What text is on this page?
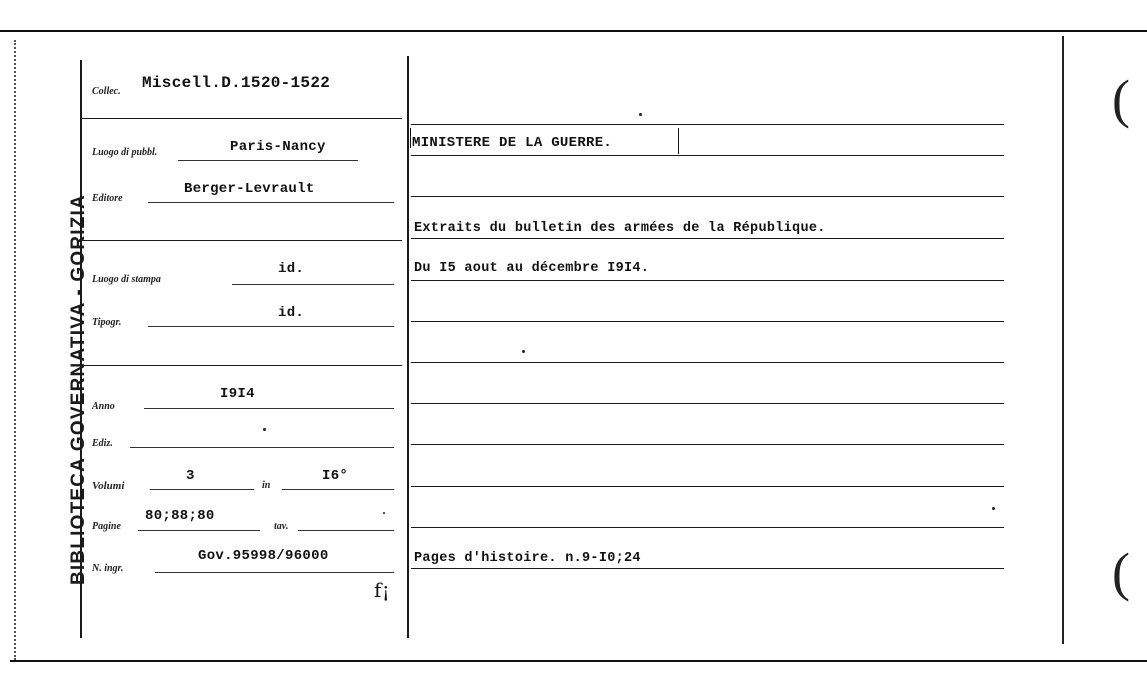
(
(
BIBLIOTECA GOVERNATIVA - GORIZIA
Collec. Miscell.D.1520-1522
Luogo di pubbl.	Paris-Nancy
Editore
Berger-Levrault
Luogo di stampa
id.
Tipogr.
id.
Anno
I9I4
Ediz.
Volumi
3
in
I6°
Pagine
80;88;80
tav.
N. ingr.
Gov.95998/96000
f¡
MINISTERE DE LA GUERRE.
Extraits du bulletin des armées de la République.
Du I5 aout au décembre I9I4.
Pages d'histoire. n.9-I0;24
